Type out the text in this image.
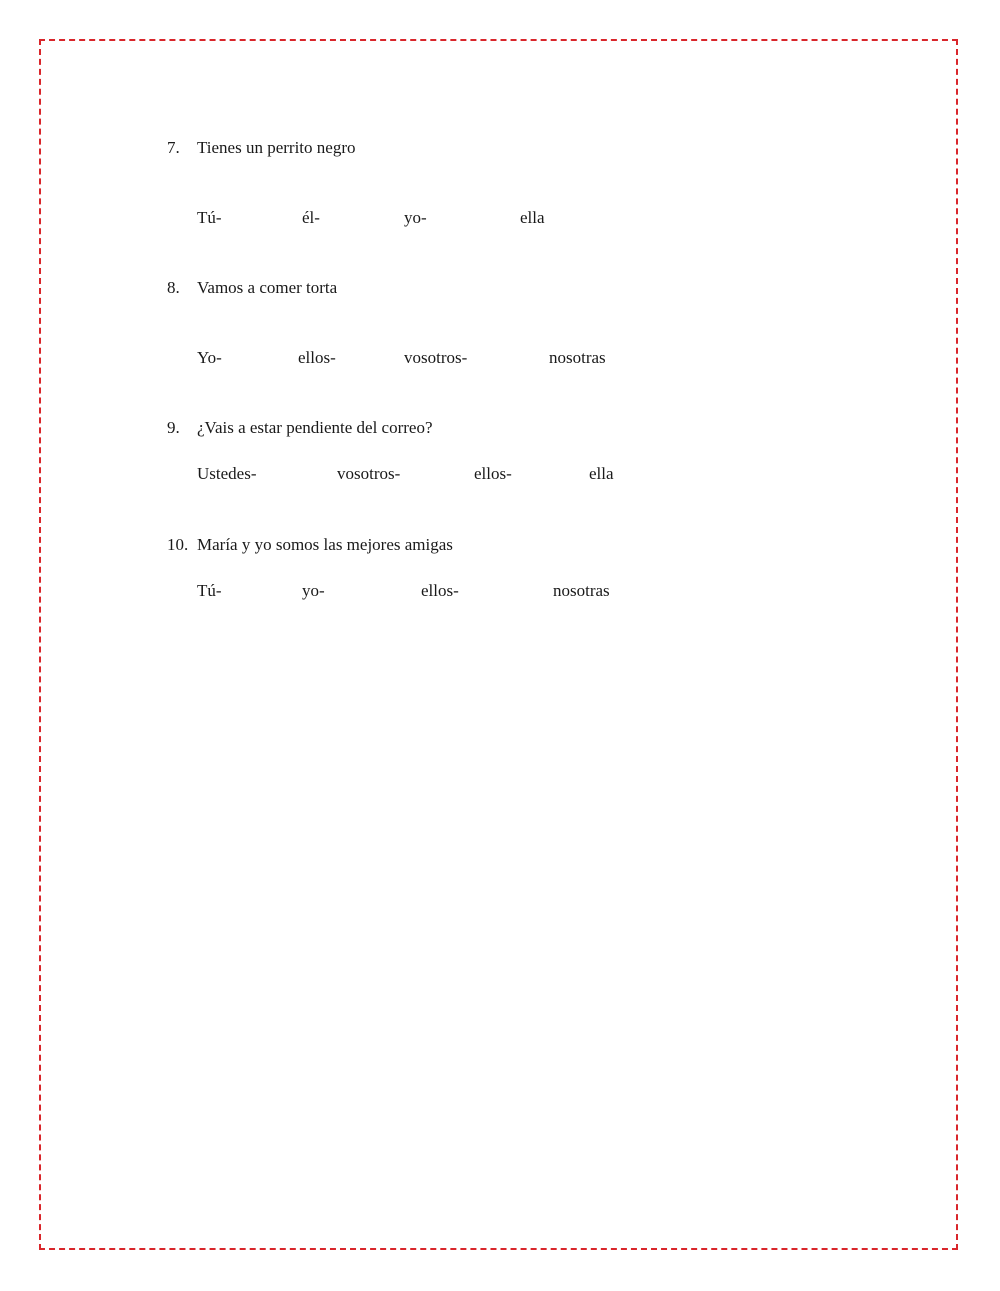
7. Tienes un perrito negro
Tú-	él-	yo-	ella
8. Vamos a comer torta
Yo-	ellos-	vosotros-	nosotras
9. ¿Vais a estar pendiente del correo?
Ustedes-	vosotros-	ellos-	ella
10. María y yo somos las mejores amigas
Tú-	yo-	ellos-	nosotras
